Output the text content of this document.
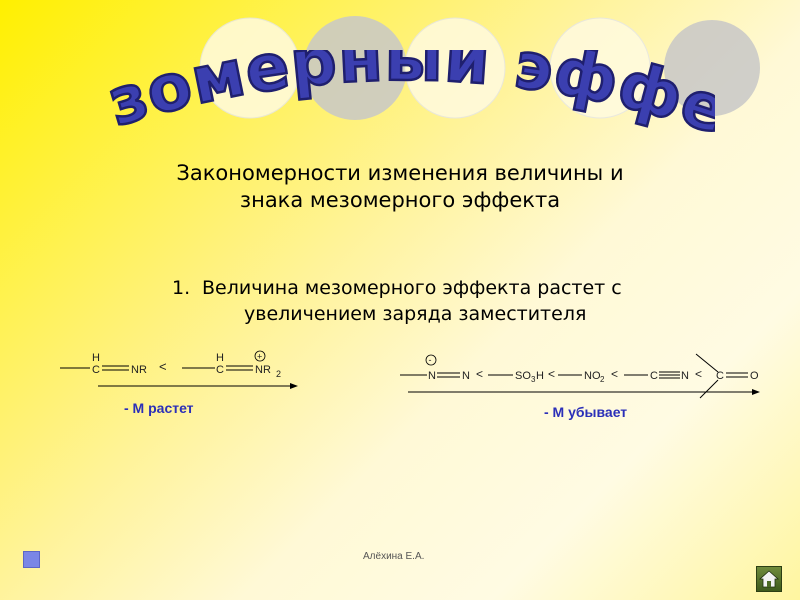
зомерный эфф
Закономерности изменения величины и
знака мезомерного эффекта
1. Величина мезомерного эффекта растет с
увеличением заряда заместителя
H
C	NR <
H
C	NR 2
+	-
N N <	SO 3 H <	NO 2 <	C N < C O
- М растет	- М убывает
Алёхина Е.А.
